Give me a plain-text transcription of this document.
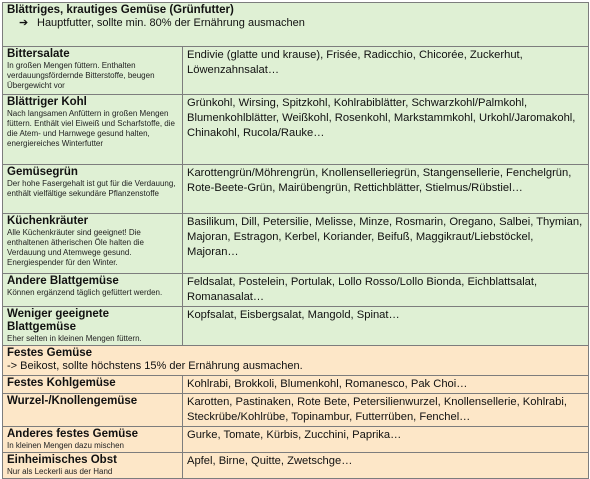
Blättriges, krautiges Gemüse (Grünfutter)
➔ Hauptfutter, sollte min. 80% der Ernährung ausmachen	

Bittersalate
In großen Mengen füttern. Enthalten verdauungsfördernde Bitterstoffe, beugen Übergewicht vor	Endivie (glatte und krause), Frisée, Radicchio, Chicorée, Zuckerhut, Löwenzahnsalat…

Blättriger Kohl
Nach langsamen Anfüttern in großen Mengen füttern. Enthält viel Eiweiß und Scharfstoffe, die die Atem- und Harnwege gesund halten, energiereiches Winterfutter	Grünkohl, Wirsing, Spitzkohl, Kohlrabiblätter, Schwarzkohl/Palmkohl, Blumenkohlblätter, Weißkohl, Rosenkohl, Markstammkohl, Urkohl/Jaromakohl, Chinakohl, Rucola/Rauke…

Gemüsegrün
Der hohe Fasergehalt ist gut für die Verdauung, enthält vielfältige sekundäre Pflanzenstoffe	Karottengrün/Möhrengrün, Knollenselleriegrün, Stangensellerie, Fenchelgrün, Rote-Beete-Grün, Mairübengrün, Rettichblätter, Stielmus/Rübstiel…

Küchenkräuter
Alle Küchenkräuter sind geeignet! Die enthaltenen ätherischen Öle halten die Verdauung und Atemwege gesund. Energiespender für den Winter.	Basilikum, Dill, Petersilie, Melisse, Minze, Rosmarin, Oregano, Salbei, Thymian, Majoran, Estragon, Kerbel, Koriander, Beifuß, Maggikraut/Liebstöckel, Majoran…

Andere Blattgemüse
Können ergänzend täglich gefüttert werden.	Feldsalat, Postelein, Portulak, Lollo Rosso/Lollo Bionda, Eichblattsalat, Romanasalat…

Weniger geeignete Blattgemüse
Eher selten in kleinen Mengen füttern.	Kopfsalat, Eisbergsalat, Mangold, Spinat…

Festes Gemüse
-> Beikost, sollte höchstens 15% der Ernährung ausmachen.	

Festes Kohlgemüse	Kohlrabi, Brokkoli, Blumenkohl, Romanesco, Pak Choi…

Wurzel-/Knollengemüse	Karotten, Pastinaken, Rote Bete, Petersilienwurzel, Knollensellerie, Kohlrabi, Steckrübe/Kohlrübe, Topinambur, Futterrüben, Fenchel…

Anderes festes Gemüse
In kleinen Mengen dazu mischen	Gurke, Tomate, Kürbis, Zucchini, Paprika…

Einheimisches Obst
Nur als Leckerli aus der Hand	Apfel, Birne, Quitte, Zwetschge…
